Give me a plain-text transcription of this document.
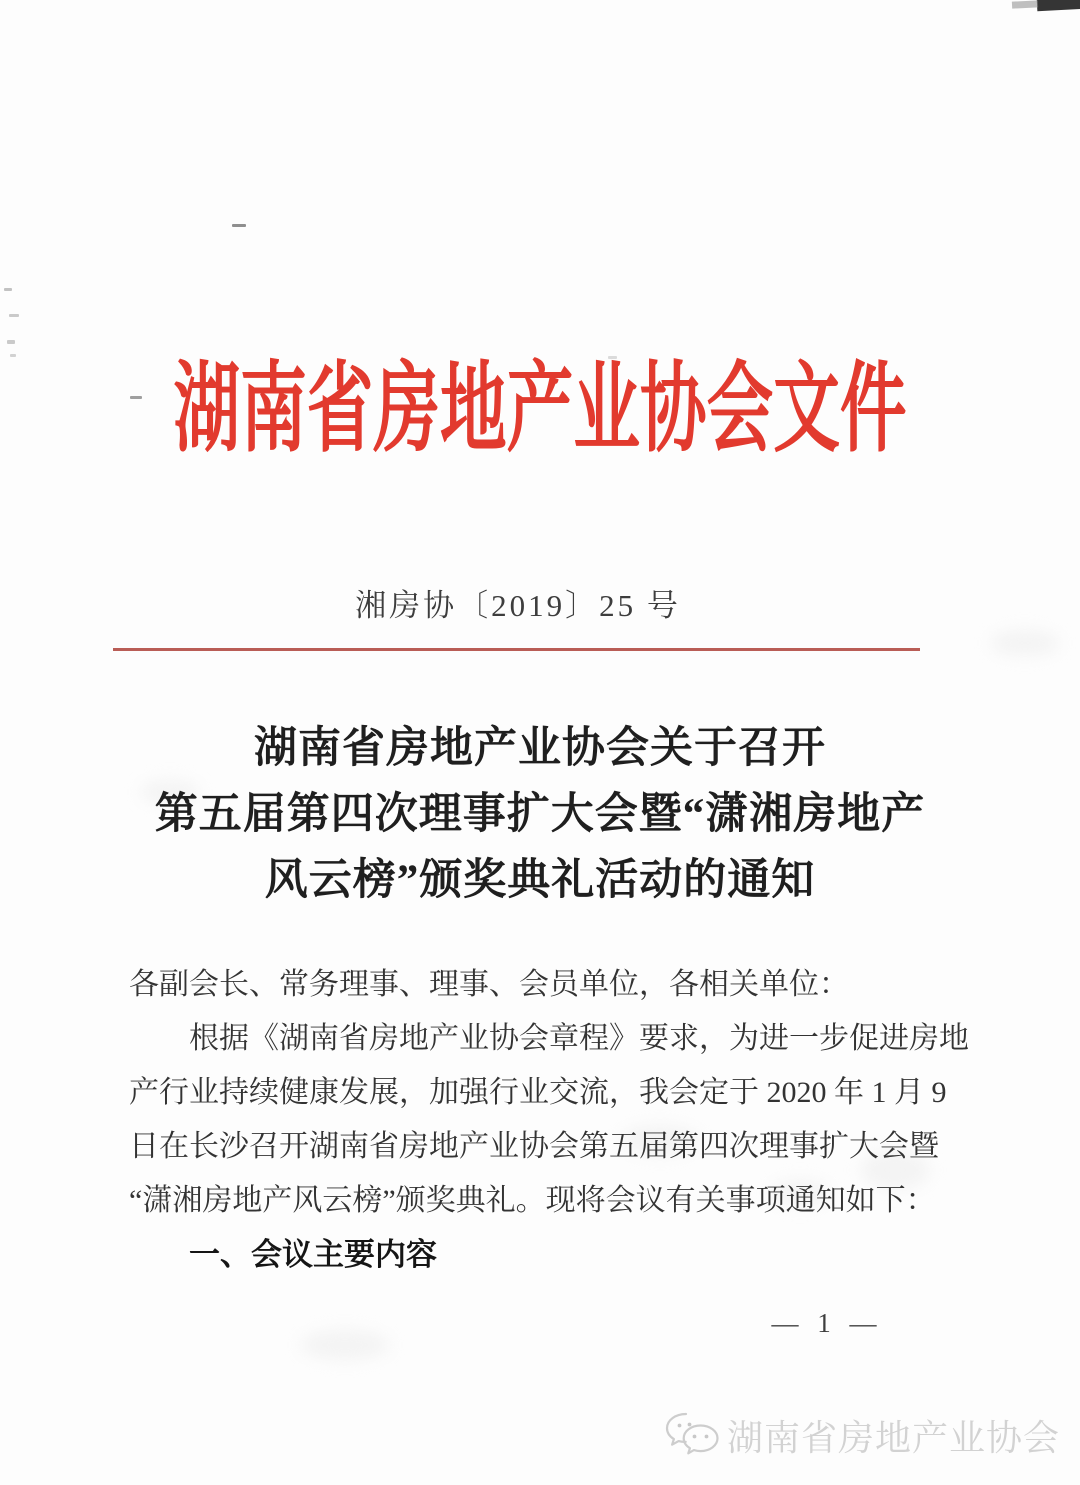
湖南省房地产业协会文件
湘房协〔2019〕25 号
湖南省房地产业协会关于召开
第五届第四次理事扩大会暨“潇湘房地产
风云榜”颁奖典礼活动的通知
各副会长、常务理事、理事、会员单位，各相关单位：
根据《湖南省房地产业协会章程》要求，为进一步促进房地
产行业持续健康发展，加强行业交流，我会定于 2020 年 1 月 9
日在长沙召开湖南省房地产业协会第五届第四次理事扩大会暨
“潇湘房地产风云榜”颁奖典礼。现将会议有关事项通知如下：
一、会议主要内容
— 1 —
湖南省房地产业协会
